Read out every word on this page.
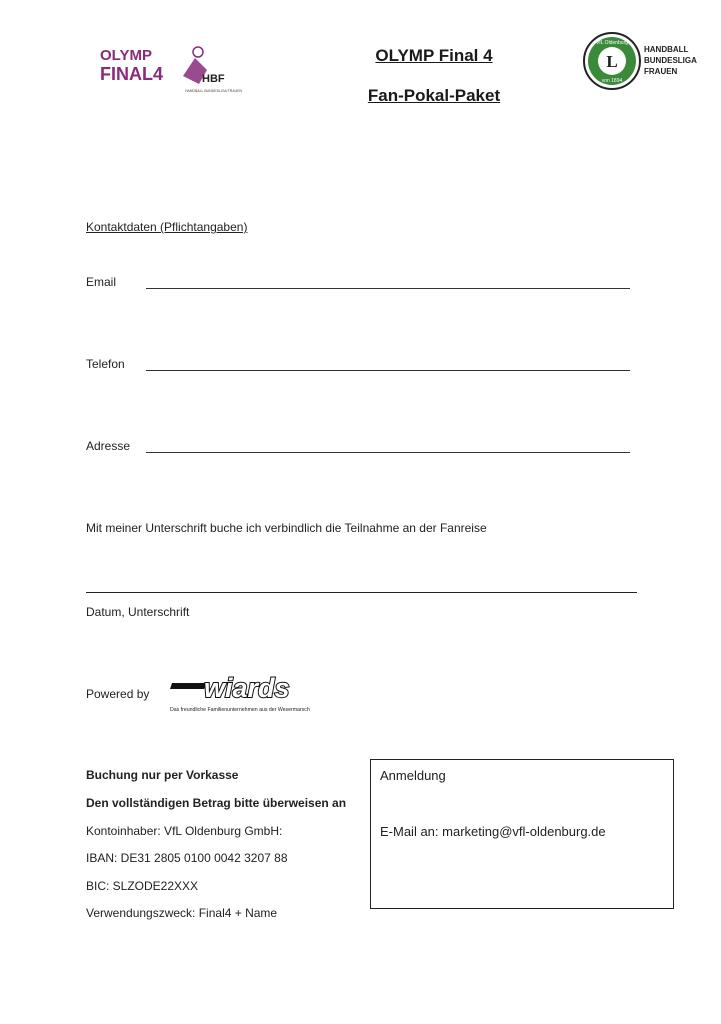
OLYMP
FINAL4	HBF
HANDBALL BUNDESLIGA FRAUEN
OLYMP Final 4
Fan-Pokal-Paket
L
VfL Oldenburg
von 1894
HANDBALL
BUNDESLIGA
FRAUEN
Kontaktdaten (Pflichtangaben)
Email
Telefon
Adresse
Mit meiner Unterschrift buche ich verbindlich die Teilnahme an der Fanreise
Datum, Unterschrift
Powered by wiards
Das freundliche Familienunternehmen aus der Wesermarsch
Buchung nur per Vorkasse
Den vollständigen Betrag bitte überweisen an
Kontoinhaber: VfL Oldenburg GmbH:
IBAN: DE31 2805 0100 0042 3207 88
BIC: SLZODE22XXX
Verwendungszweck: Final4 + Name
Anmeldung
E-Mail an: marketing@vfl-oldenburg.de
